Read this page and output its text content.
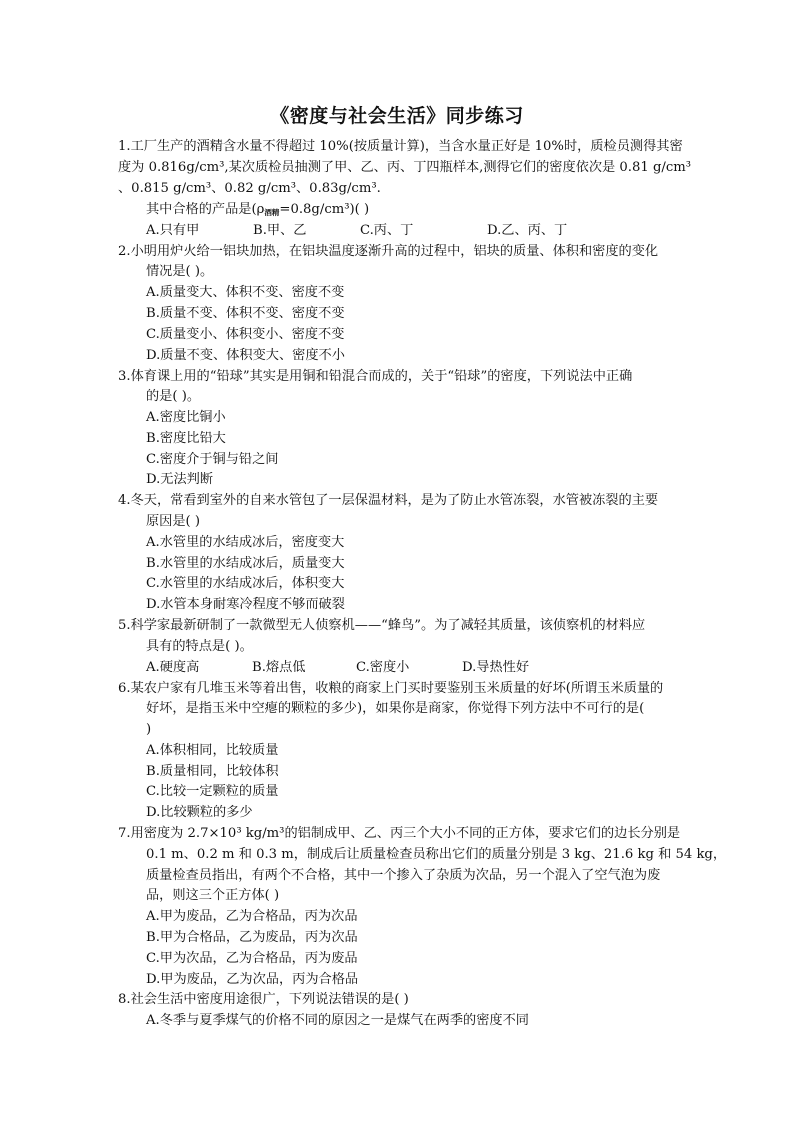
《密度与社会生活》同步练习
1.工厂生产的酒精含水量不得超过 10%(按质量计算)，当含水量正好是 10%时，质检员测得其密
度为 0.816g/cm³,某次质检员抽测了甲、乙、丙、丁四瓶样本,测得它们的密度依次是 0.81 g/cm³
、0.815 g/cm³、0.82 g/cm³、0.83g/cm³.
其中合格的产品是$(\rho_{酒精}=0.8g/cm^3)$( )
A.只有甲	B.甲、乙	C.丙、丁	D.乙、丙、丁
2.小明用炉火给一铝块加热，在铝块温度逐渐升高的过程中，铝块的质量、体积和密度的变化
情况是( )。
A.质量变大、体积不变、密度不变
B.质量不变、体积不变、密度不变
C.质量变小、体积变小、密度不变
D.质量不变、体积变大、密度不小
3.体育课上用的“铅球”其实是用铜和铅混合而成的，关于“铅球”的密度，下列说法中正确
的是( )。
A.密度比铜小
B.密度比铅大
C.密度介于铜与铅之间
D.无法判断
4.冬天，常看到室外的自来水管包了一层保温材料，是为了防止水管冻裂，水管被冻裂的主要
原因是( )
A.水管里的水结成冰后，密度变大
B.水管里的水结成冰后，质量变大
C.水管里的水结成冰后，体积变大
D.水管本身耐寒冷程度不够而破裂
5.科学家最新研制了一款微型无人侦察机——“蜂鸟”。为了减轻其质量，该侦察机的材料应
具有的特点是( )。
A.硬度高	B.熔点低	C.密度小	D.导热性好
6.某农户家有几堆玉米等着出售，收粮的商家上门买时要鉴别玉米质量的好坏(所谓玉米质量的
好坏，是指玉米中空瘪的颗粒的多少)，如果你是商家，你觉得下列方法中不可行的是(
)
A.体积相同，比较质量
B.质量相同，比较体积
C.比较一定颗粒的质量
D.比较颗粒的多少
7.用密度为 2.7×10³ kg/m³的铝制成甲、乙、丙三个大小不同的正方体，要求它们的边长分别是
0.1 m、0.2 m 和 0.3 m，制成后让质量检查员称出它们的质量分别是 3 kg、21.6 kg 和 54 kg，
质量检查员指出，有两个不合格，其中一个掺入了杂质为次品，另一个混入了空气泡为废
品，则这三个正方体( )
A.甲为废品，乙为合格品，丙为次品
B.甲为合格品，乙为废品，丙为次品
C.甲为次品，乙为合格品，丙为废品
D.甲为废品，乙为次品，丙为合格品
8.社会生活中密度用途很广，下列说法错误的是( )
A.冬季与夏季煤气的价格不同的原因之一是煤气在两季的密度不同
